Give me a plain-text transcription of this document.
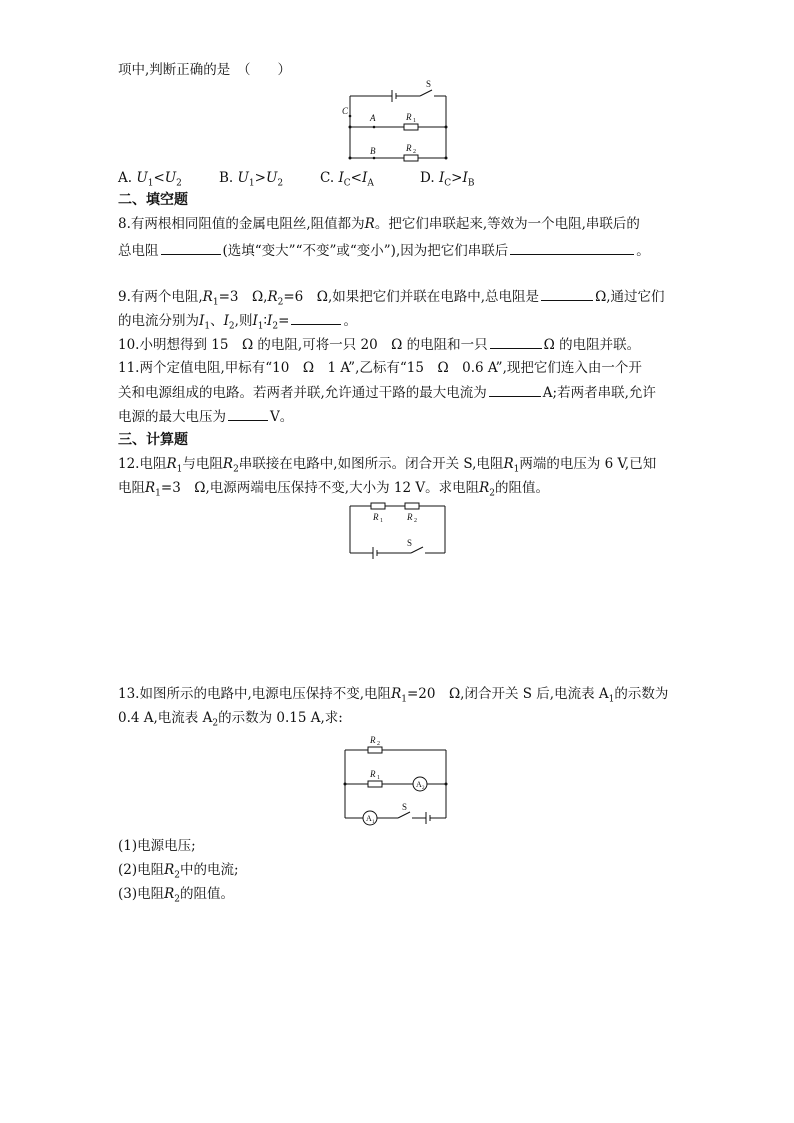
项中,判断正确的是　（　　）
S
C
A
B
R 1
R 2
A. $U_1<U_2$	B. $U_1>U_2$	C. $I_C<I_A$	D. $I_C>I_B$
二、填空题
8.有两根相同阻值的金属电阻丝,阻值都为R。把它们串联起来,等效为一个电阻,串联后的
总电阻	(选填“变大”“不变”或“变小”),因为把它们串联后	。
9.有两个电阻$,R_1=3$　$\Omega,R_2=6$　Ω,如果把它们并联在电路中,总电阻是	Ω,通过它们
的电流分别为$I_1$、$I_2$,则$I_1∶I_2=$	。
10.小明想得到 15　Ω 的电阻,可将一只 20　Ω 的电阻和一只	Ω 的电阻并联。
11.两个定值电阻,甲标有“10　Ω　1 A”,乙标有“15　Ω　0.6 A”,现把它们连入由一个开
关和电源组成的电路。若两者并联,允许通过干路的最大电流为	A;若两者串联,允许
电源的最大电压为	V。
三、计算题
12.电阻$R_1$与电阻$R_2$串联接在电路中,如图所示。闭合开关 S,电阻$R_1$两端的电压为 6 V,已知
电阻$R_1=3$　Ω,电源两端电压保持不变,大小为 12 V。求电阻$R_2$的阻值。
R 1	R 2
S
13.如图所示的电路中,电源电压保持不变,电阻$R_1=20$　Ω,闭合开关 S 后,电流表 $A_1$的示数为
0.4 A,电流表 $A_2$的示数为 0.15 A,求:
R 2
R 1
A 2
A 1
S
(1)电源电压;
(2)电阻$R_2$中的电流;
(3)电阻$R_2$的阻值。
